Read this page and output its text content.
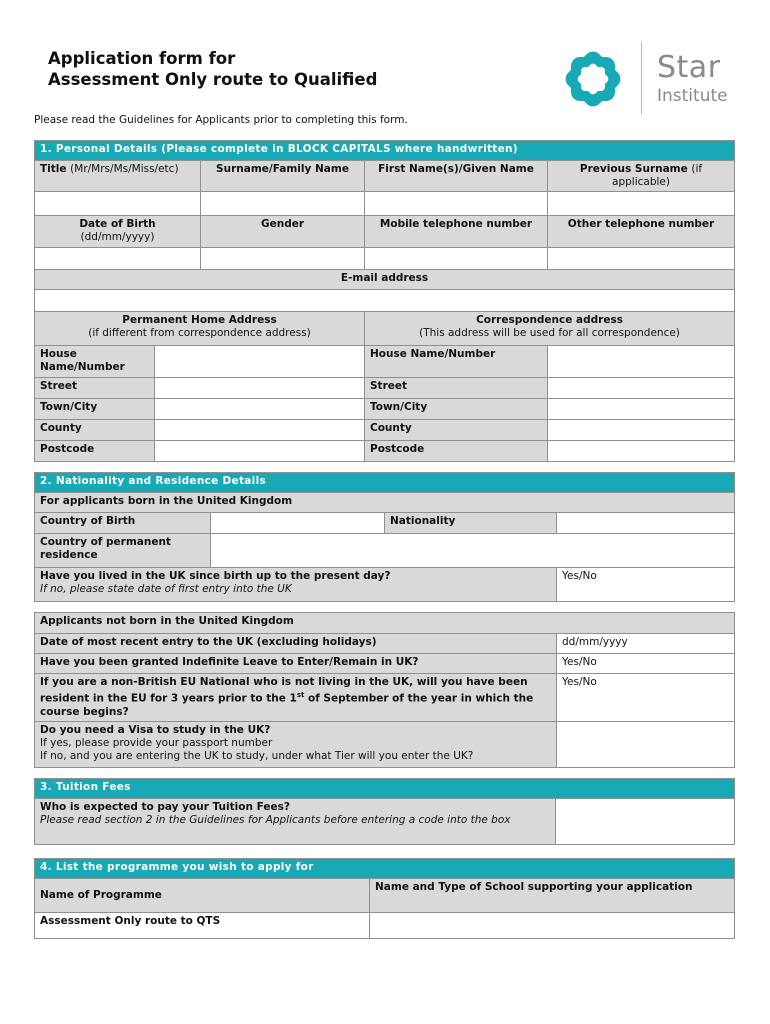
Application form for
Assessment Only route to Qualified	Star
Institute
Please read the Guidelines for Applicants prior to completing this form.
1. Personal Details (Please complete in BLOCK CAPITALS where handwritten)				
Title (Mr/Mrs/Ms/Miss/etc)		Surname/Family Name	First Name(s)/Given Name	Previous Surname (if applicable)

Date of Birth
(dd/mm/yyyy)		Gender	Mobile telephone number	Other telephone number

E-mail address				

Permanent Home Address
(if different from correspondence address)			Correspondence address
(This address will be used for all correspondence)	

House Name/Number			House Name/Number	
Street			Street	
Town/City			Town/City	
County			County	
Postcode			Postcode	
2. Nationality and Residence Details			
For applicants born in the United Kingdom			
Country of Birth		Nationality	
Country of permanent residence			
Have you lived in the UK since birth up to the present day?
If no, please state date of first entry into the UK			Yes/No
Applicants not born in the United Kingdom	
Date of most recent entry to the UK (excluding holidays)	dd/mm/yyyy
Have you been granted Indefinite Leave to Enter/Remain in UK?	Yes/No
If you are a non-British EU National who is not living in the UK, will you have been resident in the EU for 3 years prior to the 1st of September of the year in which the course begins?	Yes/No
Do you need a Visa to study in the UK?
If yes, please provide your passport number
If no, and you are entering the UK to study, under what Tier will you enter the UK?	

3. Tuition Fees
Who is expected to pay your Tuition Fees?
Please read section 2 in the Guidelines for Applicants before entering a code into the box

4. List the programme you wish to apply for	
Name of Programme	Name and Type of School supporting your application
Assessment Only route to QTS	
